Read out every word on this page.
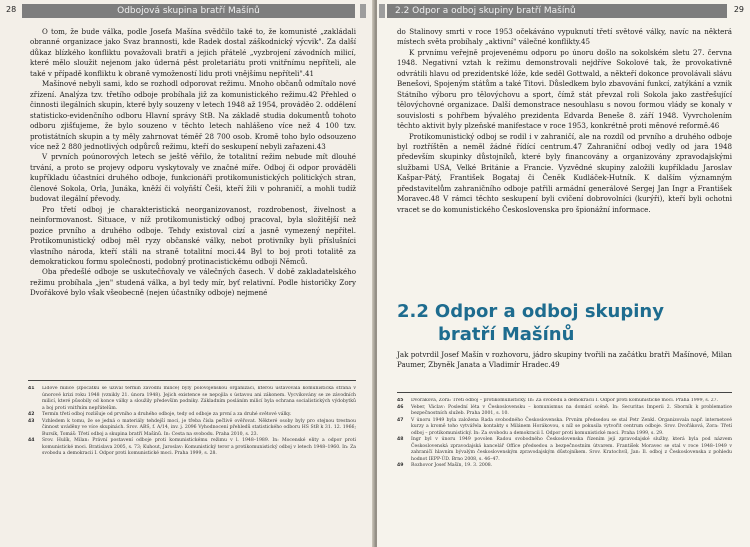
28	Odbojová skupina bratří Mašínů

O tom, že bude válka, podle Josefa Mašína svědčilo také to, že komunisté „zakládali obranné organizace jako Svaz brannosti, kde Radek dostal záškodnický výcvik". Za další důkaz blízkého konfliktu považovali bratři a jejich přátelé „vyzbrojení závodních milicí, které mělo sloužit nejenom jako úderná pěst proletariátu proti vnitřnímu nepříteli, ale také v případě konfliktu k obraně vymožeností lidu proti vnějšímu nepříteli".41

Mašínové nebyli sami, kdo se rozhodl odporovat režimu. Mnoho občanů odmítalo nové zřízení. Analýza tzv. třetího odboje probíhala již za komunistického režimu.42 Přehled o činnosti ilegálních skupin, které byly souzeny v letech 1948 až 1954, prováděo 2. oddělení statisticko-evidenčního odboru Hlavní správy StB. Na základě studia dokumentů tohoto odboru zjišťujeme, že bylo souzeno v těchto letech nahlášeno více než 4 100 tzv. protistátních skupin a ty měly zahrnovat téměř 28 700 osob. Kromě toho bylo odsouzeno více než 2 880 jednotlivých odpůrců režimu, kteří do seskupení nebyli zařazeni.43

V prvních poúnorových letech se ještě věřilo, že totalitní režim nebude mít dlouhé trvání, a proto se projevy odporu vyskytovaly ve značné míře. Odboj či odpor prováděli kupříkladu účastníci druhého odboje, funkcionáři protikomunistických politických stran, členové Sokola, Orla, Junáka, kněží či volyňští Češi, kteří žili v pohraničí, a mohli tudíž budovat ilegální převody.

Pro třetí odboj je charakteristická neorganizovanost, rozdrobenost, živelnost a neinformovanost. Situace, v níž protikomunistický odboj pracoval, byla složitější než pozice prvního a druhého odboje. Tehdy existoval cizí a jasně vymezený nepřítel. Protikomunistický odboj měl ryzy občanské války, nebot protivníky byli příslušníci vlastního národa, kteří stáli na straně totalitní moci.44 Byl to boj proti totalitě za demokratickou formu společnosti, podobný protinacistickému odboji Němců.

Oba předešlé odboje se uskutečňovaly ve válečných časech. V době zakladatelského režimu probíhala „jen" studená válka, a byl tedy mír, byť relativní. Podle historičky Zory Dvořákové bylo však všeobecně (nejen účastníky odboje) nejmené

41	Lidové milice (zpočátku se užíval termín závodní milice) byly polovojenskou organizací, kterou ustavovala komunistická strana v únorové krizi roku 1948 (vznikly 21. února 1948). Jejich existence se nepojila s ústavou ani zákonem. Vycvikovány se ze závodních milicí, které působily od konce války a sloužily především podniky. Základním posláním milicí byla ochrana socialistických výdobytků a boj proti vnitřním nepřátelům.
42	Termín třetí odboj rozlišuje od prvního a druhého odboje, tedy od odboje za první a za druhé světové války.
43	Vzhledem k tomu, že se jedná o materiály tehdejší moci, je třeba čísla pečlivě ověřovat. Některé osoby byly pro stejnou trestnou činnost uváděny ve více skupinách. Srov. ABS, f. A/14, inv. j. 2096 Vyhodnocení přehledů statistického odboru HS StB k 31. 12. 1966; Bursík, Tomáš: Třetí odboj a skupina bratří Mašínů. In: Cesta na svobodu. Praha 2010, s. 23.
44	Srov. Hulík, Milan: Právní postavení odboje proti komunistickému režimu v l. 1948–1989. In: Mocenské elity a odpor proti komunistické moci. Bratislava 2005, s. 73; Kuhout, Jaroslav: Komunistický teror a protikomunistický odboj v letech 1948–1960. In: Za svobodu a demokracii I. Odpor proti komunistické moci. Praha 1999, s. 28.
2.2 Odpor a odboj skupiny bratří Mašínů	29

do Stalinovy smrti v roce 1953 očekáváno vypuknutí třetí světové války, navíc na některá místech světa probíhaly „aktivní" válečné konflikty.45

K prvnímu veřejně projevenému odporu po únoru došlo na sokolském sletu 27. června 1948. Negativní vztah k režimu demonstrovali nejdříve Sokolové tak, že provokativně odvrátili hlavu od prezidentské lóže, kde seděl Gottwald, a někteří dokonce provolávali slávu Benešovi, Spojeným státům a také Titovi. Důsledkem bylo zbavování funkcí, zatýkání a vznik Státního výboru pro tělovýchovu a sport, čímž stát převzal roli Sokola jako zastřešující tělovýchovné organizace. Další demonstrace nesouhlasu s novou formou vlády se konaly v souvislosti s pohřbem bývalého prezidenta Edvarda Beneše 8. září 1948. Vyvrcholením těchto aktivit byly plzeňské manifestace v roce 1953, konkrétně proti měnové reformě.46

Protikomunistický odboj se rodil i v zahraničí, ale na rozdíl od prvního a druhého odboje byl roztříštěn a neměl žádné řídící centrum.47 Zahraniční odboj vedly od jara 1948 především skupinky důstojníků, které byly financovány a organizovány zpravodajskými službami USA, Velké Británie a Francie. Vyzvědné skupiny založili kupříkladu Jaroslav Kašpar-Pátý, František Bogataj či Čeněk Kudláček-Hutník. K dalším významným představitelům zahraničního odboje patřili armádní generálové Sergej Jan Ingr a František Moravec.48 V rámci těchto seskupení byli cvičení dobrovolníci (kurýři), kteří byli ochotni vracet se do komunistického Československa pro špionážní informace.

2.2 Odpor a odboj skupiny
bratří Mašínů

Jak potvrdil Josef Mašín v rozhovoru, jádro skupiny tvořili na začátku bratři Mašínové, Milan Paumer, Zbyněk Janata a Vladimír Hradec.49

45	Dvořáková, Zora: Třetí odboj – protikomunistický. In: Za svobodu a demokracii I. Odpor proti komunistické moci. Praha 1999, s. 27.
46	Veber, Václav: Poslední léta v Československu – komunismus na domácí scéně. In: Securitas Imperii 2. Sborník k problematice bezpečnostních služeb. Praha 2001, s. 10.
47	V únoru 1949 byla založena Rada svobodného Československa. Prvním předsedou se stal Petr Zenkl. Organizovala např. internetové kurzy a kromě toho vytvářela kontakty s Milánem Horákovou, s níž se pokusila vytvořit centrum odboje. Srov. Dvořáková, Zora: Třetí odboj – protikomunistický. In: Za svobodu a demokracii I. Odpor proti komunistické moci. Praha 1999, s. 29.
48	Ingr byl v únoru 1949 povolen Radou svobodného Československa řízením její zpravodajské služby, která byla pod názvem Československá zpravodajská kancelář Office předsedou a bezpečnostním útvarem. František Moravec se stal v roce 1948–1949 v zahraničí hlavním bývalým československým zpravodajským důstojníkem. Srov. Kratochvíl, Jan: Il. odboj z Československa z pohledu hodnot IEPP-ÚD. Brno 2008, s. 46–47.
49	Rozhovor Josef Mašín, 19. 3. 2008.
